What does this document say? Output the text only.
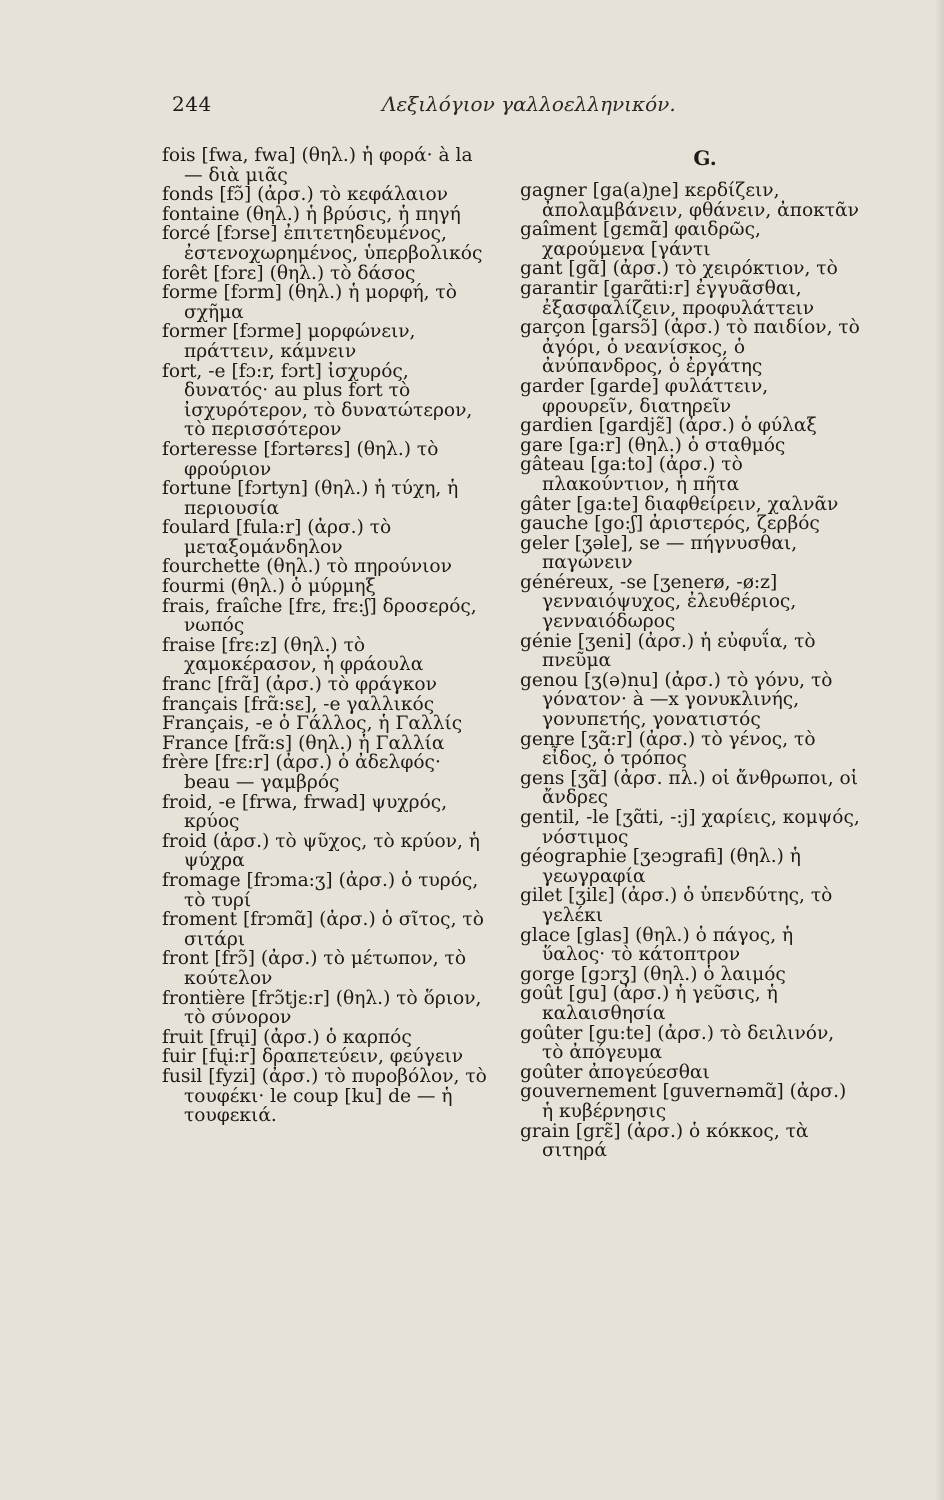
244	Λεξιλόγιον γαλλοελληνικόν.

fois [fwa, fwa] (θηλ.) ἡ φορά· à la — διὰ μιᾶς

fonds [fɔ̃] (ἀρσ.) τὸ κεφάλαιον

fontaine (θηλ.) ἡ βρύσις, ἡ πηγή

forcé [fɔrse] ἐπιτετηδευμένος, ἐστενοχωρημένος, ὑπερβολικός

forêt [fɔrε] (θηλ.) τὸ δάσος

forme [fɔrm] (θηλ.) ἡ μορφή, τὸ σχῆμα

former [fɔrme] μορφώνειν, πράττειν, κάμνειν

fort, -e [fɔ:r, fɔrt] ἰσχυρός, δυνατός· au plus fort τὸ ἰσχυρότερον, τὸ δυνατώτερον, τὸ περισσότερον

forteresse [fɔrtərεs] (θηλ.) τὸ φρούριον

fortune [fɔrtyn] (θηλ.) ἡ τύχη, ἡ περιουσία

foulard [fula:r] (ἀρσ.) τὸ μεταξομάνδηλον

fourchette (θηλ.) τὸ πηρούνιον

fourmi (θηλ.) ὁ μύρμηξ

frais, fraîche [frε, frε:ʃ] δροσερός, νωπός

fraise [frε:z] (θηλ.) τὸ χαμοκέρασον, ἡ φράουλα

franc [frɑ̃] (ἀρσ.) τὸ φράγκον

français [frɑ̃:sε], -e γαλλικός

Français, -e ὁ Γάλλος, ἡ Γαλλίς

France [frɑ̃:s] (θηλ.) ἡ Γαλλία

frère [frε:r] (ἀρσ.) ὁ ἀδελφός· beau — γαμβρός

froid, -e [frwa, frwad] ψυχρός, κρύος

froid (ἀρσ.) τὸ ψῦχος, τὸ κρύον, ἡ ψύχρα

fromage [frɔma:ʒ] (ἀρσ.) ὁ τυρός, τὸ τυρί

froment [frɔmɑ̃] (ἀρσ.) ὁ σῖτος, τὸ σιτάρι

front [frɔ̃] (ἀρσ.) τὸ μέτωπον, τὸ κούτελον

frontière [frɔ̃tjε:r] (θηλ.) τὸ ὅριον, τὸ σύνορον

fruit [frųi] (ἀρσ.) ὁ καρπός

fuir [fųi:r] δραπετεύειν, φεύγειν

fusil [fyzi] (ἀρσ.) τὸ πυροβόλον, τὸ τουφέκι· le coup [ku] de — ἡ τουφεκιά.

G.

gagner [ga(a)ɲe] κερδίζειν, ἀπολαμβάνειν, φθάνειν, ἀποκτᾶν

gaîment [gεmɑ̃] φαιδρῶς, χαρούμενα [γάντι

gant [gɑ̃] (ἀρσ.) τὸ χειρόκτιον, τὸ

garantir [garɑ̃ti:r] ἐγγυᾶσθαι, ἐξασφαλίζειν, προφυλάττειν

garçon [garsɔ̃] (ἀρσ.) τὸ παιδίον, τὸ ἀγόρι, ὁ νεανίσκος, ὁ ἀνύπανδρος, ὁ ἐργάτης

garder [garde] φυλάττειν, φρουρεῖν, διατηρεῖν

gardien [gardjε̃] (ἀρσ.) ὁ φύλαξ

gare [ga:r] (θηλ.) ὁ σταθμός

gâteau [ga:to] (ἀρσ.) τὸ πλακούντιον, ἡ πῆτα

gâter [ga:te] διαφθείρειν, χαλνᾶν

gauche [go:ʃ] ἀριστερός, ζερβός

geler [ʒəle], se — πήγνυσθαι, παγώνειν

généreux, -se [ʒenerø, -ø:z] γενναιόψυχος, ἐλευθέριος, γενναιόδωρος

génie [ʒeni] (ἀρσ.) ἡ εὐφυΐα, τὸ πνεῦμα

genou [ʒ(ə)nu] (ἀρσ.) τὸ γόνυ, τὸ γόνατον· à —x γονυκλινής, γονυπετής, γονατιστός

genre [ʒɑ̃:r] (ἀρσ.) τὸ γένος, τὸ εἶδος, ὁ τρόπος

gens [ʒɑ̃] (ἀρσ. πλ.) οἱ ἄνθρωποι, οἱ ἄνδρες

gentil, -le [ʒɑ̃ti, -:j] χαρίεις, κομψός, νόστιμος

géographie [ʒeɔgrafi] (θηλ.) ἡ γεωγραφία

gilet [ʒilε] (ἀρσ.) ὁ ὑπενδύτης, τὸ γελέκι

glace [glas] (θηλ.) ὁ πάγος, ἡ ὕαλος· τὸ κάτοπτρον

gorge [gɔrʒ] (θηλ.) ὁ λαιμός

goût [gu] (ἀρσ.) ἡ γεῦσις, ἡ καλαισθησία

goûter [gu:te] (ἀρσ.) τὸ δειλινόν, τὸ ἀπόγευμα

goûter ἀπογεύεσθαι

gouvernement [guvernəmɑ̃] (ἀρσ.) ἡ κυβέρνησις

grain [grε̃] (ἀρσ.) ὁ κόκκος, τὰ σιτηρά
